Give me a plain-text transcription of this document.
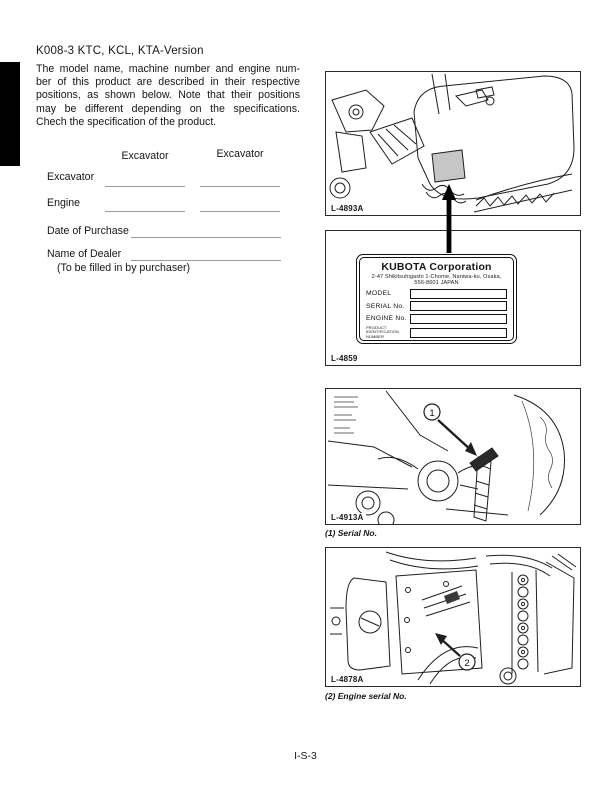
K008-3 KTC, KCL, KTA-Version
The model name, machine number and engine num-
ber of this product are described in their respective
positions, as shown below. Note that their positions
may be different depending on the specifications.
Chech the specification of the product.
Excavator	Excavator
Excavator
Engine
Date of Purchase
Name of Dealer
(To be filled in by purchaser)
L-4893A
KUBOTA Corporation
2-47 Shikitsuhigashi 1-Chome, Naniwa-ku, Osaka, 556-8601 JAPAN
MODEL
SERIAL No.
ENGINE No.
PRODUCT
IDENTIFICATION
NUMBER
L-4859
1
L-4913A
(1) Serial No.
2
L-4878A
(2) Engine serial No.
I-S-3
